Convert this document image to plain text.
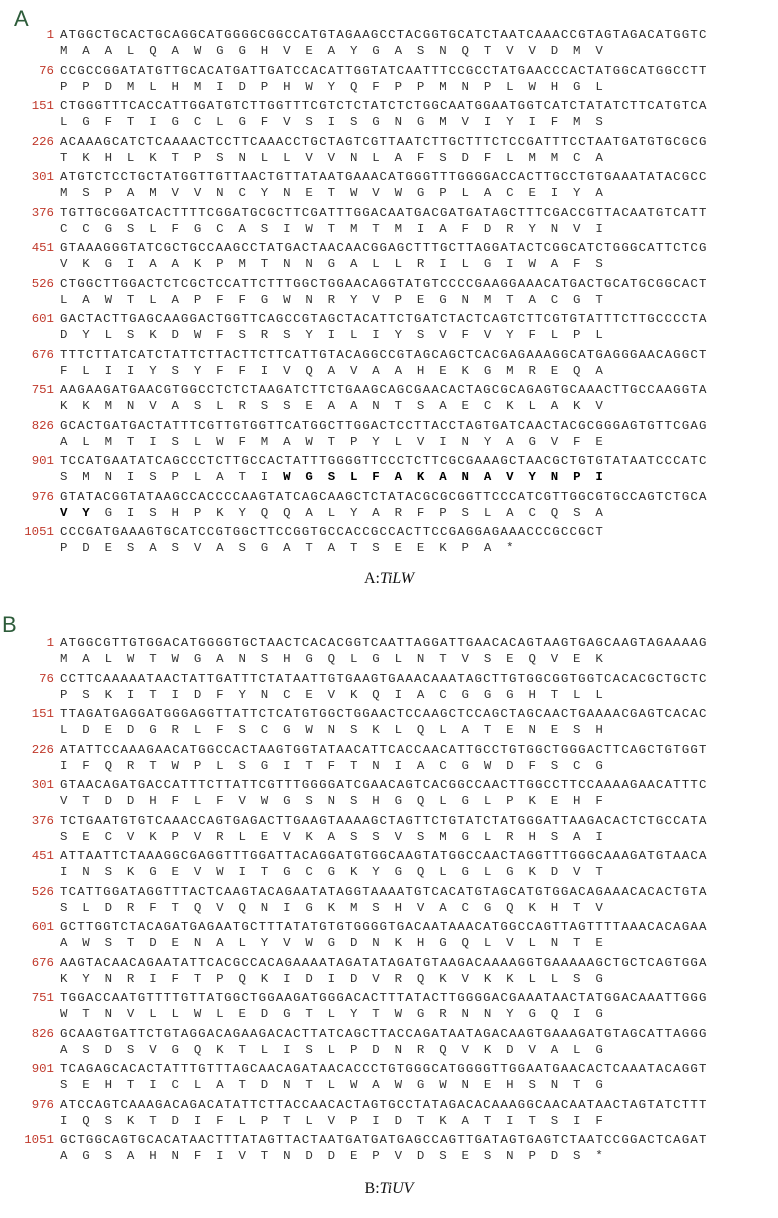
A
1 ATGGCTGCACTGCAGGCATGGGGCGGCCATGTAGAAGCCTACGGTGCATCTAATCAAACCGTAGTAGACATGGTC
M  A  A  L  Q  A  W  G  G  H  V  E  A  Y  G  A  S  N  Q  T  V  V  D  M  V
76 CCGCCGGATATGTTGCACATGATTGATCCACATTGGTATCAATTTCCGCCTATGAACCCACTATGGCATGGCCTT
P  P  D  M  L  H  M  I  D  P  H  W  Y  Q  F  P  P  M  N  P  L  W  H  G  L
151 CTGGGTTTCACCATTGGATGTCTTGGTTTCGTCTCTATCTCTGGCAATGGAATGGTCATCTATATCTTCATGTCA
L  G  F  T  I  G  C  L  G  F  V  S  I  S  G  N  G  M  V  I  Y  I  F  M  S
226 ACAAAGCATCTCAAAACTCCTTCAAACCTGCTAGTCGTTAATCTTGCTTTCTCCGATTTCCTAATGATGTGCGCG
T  K  H  L  K  T  P  S  N  L  L  V  V  N  L  A  F  S  D  F  L  M  M  C  A
301 ATGTCTCCTGCTATGGTTGTTAACTGTTATAATGAAACATGGGTTTGGGGACCACTTGCCTGTGAAATATACGCC
M  S  P  A  M  V  V  N  C  Y  N  E  T  W  V  W  G  P  L  A  C  E  I  Y  A
376 TGTTGCGGATCACTTTTCGGATGCGCTTCGATTTGGACAATGACGATGATAGCTTTCGACCGTTACAATGTCATT
C  C  G  S  L  F  G  C  A  S  I  W  T  M  T  M  I  A  F  D  R  Y  N  V  I
451 GTAAAGGGTATCGCTGCCAAGCCTATGACTAACAACGGAGCTTTGCTTAGGATACTCGGCATCTGGGCATTCTCG
V  K  G  I  A  A  K  P  M  T  N  N  G  A  L  L  R  I  L  G  I  W  A  F  S
526 CTGGCTTGGACTCTCGCTCCATTCTTTGGCTGGAACAGGTATGTCCCCGAAGGAAACATGACTGCATGCGGCACT
L  A  W  T  L  A  P  F  F  G  W  N  R  Y  V  P  E  G  N  M  T  A  C  G  T
601 GACTACTTGAGCAAGGACTGGTTCAGCCGTAGCTACATTCTGATCTACTCAGTCTTCGTGTATTTCTTGCCCCTA
D  Y  L  S  K  D  W  F  S  R  S  Y  I  L  I  Y  S  V  F  V  Y  F  L  P  L
676 TTTCTTATCATCTATTCTTACTTCTTCATTGTACAGGCCGTAGCAGCTCACGAGAAAGGCATGAGGGAACAGGCT
F  L  I  I  Y  S  Y  F  F  I  V  Q  A  V  A  A  H  E  K  G  M  R  E  Q  A
751 AAGAAGATGAACGTGGCCTCTCTAAGATCTTCTGAAGCAGCGAACACTAGCGCAGAGTGCAAACTTGCCAAGGTA
K  K  M  N  V  A  S  L  R  S  S  E  A  A  N  T  S  A  E  C  K  L  A  K  V
826 GCACTGATGACTATTTCGTTGTGGTTCATGGCTTGGACTCCTTACCTAGTGATCAACTACGCGGGAGTGTTCGAG
A  L  M  T  I  S  L  W  F  M  A  W  T  P  Y  L  V  I  N  Y  A  G  V  F  E
901 TCCATGAATATCAGCCCTCTTGCCACTATTTGGGGTTCCCTCTTCGCGAAAGCTAACGCTGTGTATAATCCCATC
S  M  N  I  S  P  L  A  T  I  W  G  S  L  F  A  K  A  N  A  V  Y  N  P  I
976 GTATACGGTATAAGCCACCCCAAGTATCAGCAAGCTCTATACGCGCGGTTCCCATCGTTGGCGTGCCAGTCTGCA
V  Y  G  I  S  H  P  K  Y  Q  Q  A  L  Y  A  R  F  P  S  L  A  C  Q  S  A
1051 CCCGATGAAAGTGCATCCGTGGCTTCCGGTGCCACCGCCACTTCCGAGGAGAAACCCGCCGCT
P  D  E  S  A  S  V  A  S  G  A  T  A  T  S  E  E  K  P  A  *
A:TiLW
B
1 ATGGCGTTGTGGACATGGGGTGCTAACTCACACGGTCAATTAGGATTGAACACAGTAAGTGAGCAAGTAGAAAAG
M  A  L  W  T  W  G  A  N  S  H  G  Q  L  G  L  N  T  V  S  E  Q  V  E  K
76 CCTTCAAAAATAACTATTGATTTCTATAATTGTGAAGTGAAACAAATAGCTTGTGGCGGTGGTCACACGCTGCTC
P  S  K  I  T  I  D  F  Y  N  C  E  V  K  Q  I  A  C  G  G  G  H  T  L  L
151 TTAGATGAGGATGGGAGGTTATTCTCATGTGGCTGGAACTCCAAGCTCCAGCTAGCAACTGAAAACGAGTCACAC
L  D  E  D  G  R  L  F  S  C  G  W  N  S  K  L  Q  L  A  T  E  N  E  S  H
226 ATATTCCAAAGAACATGGCCACTAAGTGGTATAACATTCACCAACATTGCCTGTGGCTGGGACTTCAGCTGTGGT
I  F  Q  R  T  W  P  L  S  G  I  T  F  T  N  I  A  C  G  W  D  F  S  C  G
301 GTAACAGATGACCATTTCTTATTCGTTTGGGGATCGAACAGTCACGGCCAACTTGGCCTTCCAAAAGAACATTTC
V  T  D  D  H  F  L  F  V  W  G  S  N  S  H  G  Q  L  G  L  P  K  E  H  F
376 TCTGAATGTGTCAAACCAGTGAGACTTGAAGTAAAAGCTAGTTCTGTATCTATGGGATTAAGACACTCTGCCATA
S  E  C  V  K  P  V  R  L  E  V  K  A  S  S  V  S  M  G  L  R  H  S  A  I
451 ATTAATTCTAAAGGCGAGGTTTGGATTACAGGATGTGGCAAGTATGGCCAACTAGGTTTGGGCAAAGATGTAACA
I  N  S  K  G  E  V  W  I  T  G  C  G  K  Y  G  Q  L  G  L  G  K  D  V  T
526 TCATTGGATAGGTTTACTCAAGTACAGAATATAGGTAAAATGTCACATGTAGCATGTGGACAGAAACACACTGTA
S  L  D  R  F  T  Q  V  Q  N  I  G  K  M  S  H  V  A  C  G  Q  K  H  T  V
601 GCTTGGTCTACAGATGAGAATGCTTTATATGTGTGGGGTGACAATAAACATGGCCAGTTAGTTTTAAACACAGAA
A  W  S  T  D  E  N  A  L  Y  V  W  G  D  N  K  H  G  Q  L  V  L  N  T  E
676 AAGTACAACAGAATATTCACGCCACAGAAAATAGATATAGATGTAAGACAAAAGGTGAAAAAGCTGCTCAGTGGA
K  Y  N  R  I  F  T  P  Q  K  I  D  I  D  V  R  Q  K  V  K  K  L  L  S  G
751 TGGACCAATGTTTTGTTATGGCTGGAAGATGGGACACTTTATACTTGGGGACGAAATAACTATGGACAAATTGGG
W  T  N  V  L  L  W  L  E  D  G  T  L  Y  T  W  G  R  N  N  Y  G  Q  I  G
826 GCAAGTGATTCTGTAGGACAGAAGACACTTATCAGCTTACCAGATAATAGACAAGTGAAAGATGTAGCATTAGGG
A  S  D  S  V  G  Q  K  T  L  I  S  L  P  D  N  R  Q  V  K  D  V  A  L  G
901 TCAGAGCACACTATTTGTTTAGCAACAGATAACACCCTGTGGGCATGGGGTTGGAATGAACACTCAAATACAGGT
S  E  H  T  I  C  L  A  T  D  N  T  L  W  A  W  G  W  N  E  H  S  N  T  G
976 ATCCAGTCAAAGACAGACATATTCTTACCAACACTAGTGCCTATAGACACAAAGGCAACAATAACTAGTATCTTT
I  Q  S  K  T  D  I  F  L  P  T  L  V  P  I  D  T  K  A  T  I  T  S  I  F
1051 GCTGGCAGTGCACATAACTTTATAGTTACTAATGATGATGAGCCAGTTGATAGTGAGTCTAATCCGGACTCAGAT
A  G  S  A  H  N  F  I  V  T  N  D  D  E  P  V  D  S  E  S  N  P  D  S  *
B:TiUV
